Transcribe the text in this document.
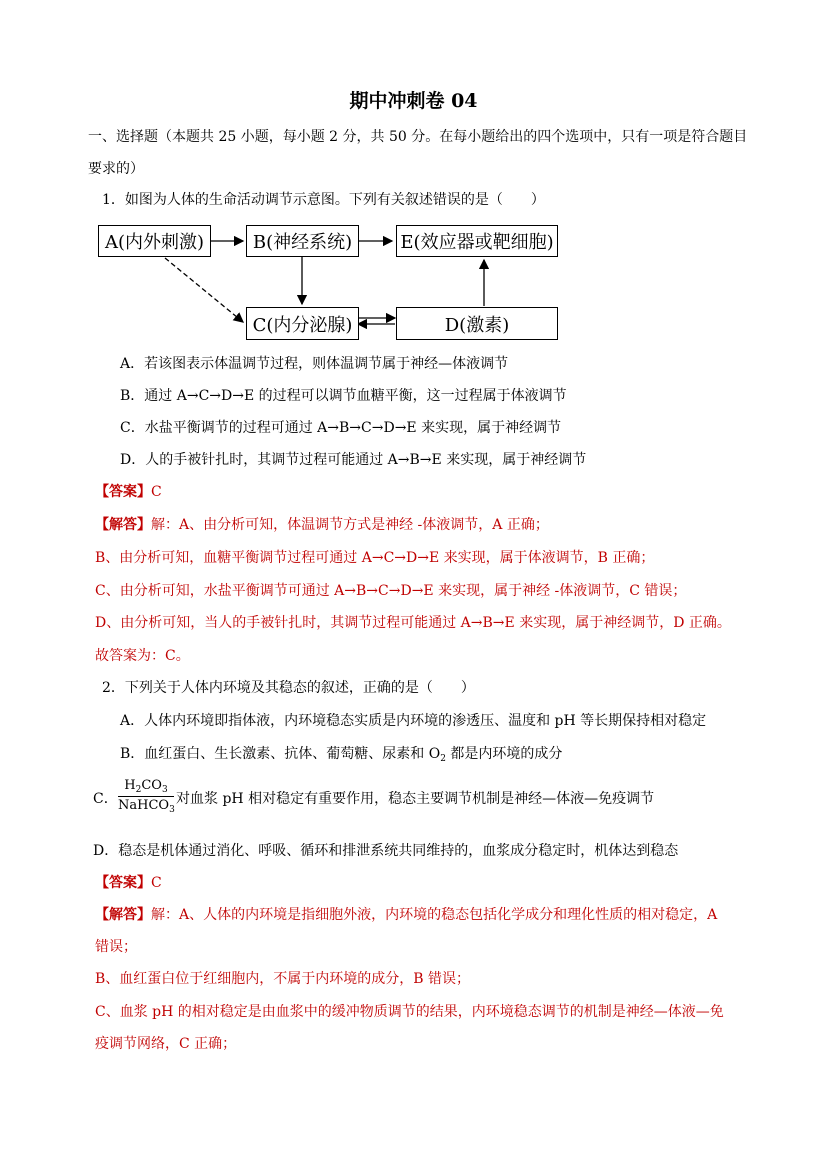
期中冲刺卷 04
一、选择题（本题共 25 小题，每小题 2 分，共 50 分。在每小题给出的四个选项中，只有一项是符合题目
要求的）
1．如图为人体的生命活动调节示意图。下列有关叙述错误的是（　　）
A(内外刺激)	B(神经系统)	E(效应器或靶细胞)
C(内分泌腺)	D(激素)
A．若该图表示体温调节过程，则体温调节属于神经—体液调节
B．通过 A→C→D→E 的过程可以调节血糖平衡，这一过程属于体液调节
C．水盐平衡调节的过程可通过 A→B→C→D→E 来实现，属于神经调节
D．人的手被针扎时，其调节过程可能通过 A→B→E 来实现，属于神经调节
【答案】C
【解答】解：A、由分析可知，体温调节方式是神经 -体液调节，A 正确；
B、由分析可知，血糖平衡调节过程可通过 A→C→D→E 来实现，属于体液调节，B 正确；
C、由分析可知，水盐平衡调节可通过 A→B→C→D→E 来实现，属于神经 -体液调节，C 错误；
D、由分析可知，当人的手被针扎时，其调节过程可能通过 A→B→E 来实现，属于神经调节，D 正确。
故答案为：C。
2．下列关于人体内环境及其稳态的叙述，正确的是（　　）
A．人体内环境即指体液，内环境稳态实质是内环境的渗透压、温度和 pH 等长期保持相对稳定
B．血红蛋白、生长激素、抗体、葡萄糖、尿素和 $O_2$ 都是内环境的成分
C．
$H_2CO_3$
NaHCO$_3$
对血浆 pH 相对稳定有重要作用，稳态主要调节机制是神经—体液—免疫调节
D．稳态是机体通过消化、呼吸、循环和排泄系统共同维持的，血浆成分稳定时，机体达到稳态
【答案】C
【解答】解：A、人体的内环境是指细胞外液，内环境的稳态包括化学成分和理化性质的相对稳定，A
错误；
B、血红蛋白位于红细胞内，不属于内环境的成分，B 错误；
C、血浆 pH 的相对稳定是由血浆中的缓冲物质调节的结果，内环境稳态调节的机制是神经—体液—免
疫调节网络，C 正确；
